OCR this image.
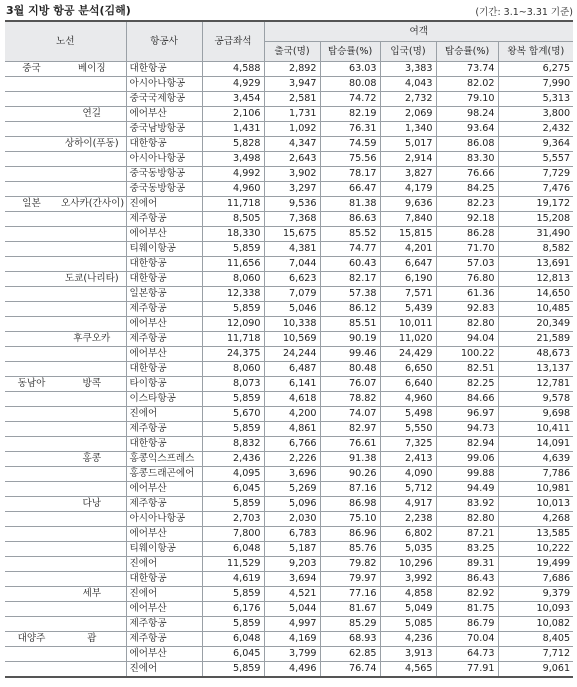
3월 지방 항공 분석(김해)	(기간: 3.1~3.31 기준)
노선		항공사	공급좌석	여객				
				출국(명)	탑승률(%)	입국(명)	탑승률(%)	왕복 합계(명)
중국	베이징	대한항공	4,588	2,892	63.03	3,383	73.74	6,275
		아시아나항공	4,929	3,947	80.08	4,043	82.02	7,990
		중국국제항공	3,454	2,581	74.72	2,732	79.10	5,313
	연길	에어부산	2,106	1,731	82.19	2,069	98.24	3,800
		중국남방항공	1,431	1,092	76.31	1,340	93.64	2,432
	상하이(푸동)	대한항공	5,828	4,347	74.59	5,017	86.08	9,364
		아시아나항공	3,498	2,643	75.56	2,914	83.30	5,557
		중국동방항공	4,992	3,902	78.17	3,827	76.66	7,729
		중국동방항공	4,960	3,297	66.47	4,179	84.25	7,476
일본	오사카(간사이)	진에어	11,718	9,536	81.38	9,636	82.23	19,172
		제주항공	8,505	7,368	86.63	7,840	92.18	15,208
		에어부산	18,330	15,675	85.52	15,815	86.28	31,490
		티웨이항공	5,859	4,381	74.77	4,201	71.70	8,582
		대한항공	11,656	7,044	60.43	6,647	57.03	13,691
	도쿄(나리타)	대한항공	8,060	6,623	82.17	6,190	76.80	12,813
		일본항공	12,338	7,079	57.38	7,571	61.36	14,650
		제주항공	5,859	5,046	86.12	5,439	92.83	10,485
		에어부산	12,090	10,338	85.51	10,011	82.80	20,349
	후쿠오카	제주항공	11,718	10,569	90.19	11,020	94.04	21,589
		에어부산	24,375	24,244	99.46	24,429	100.22	48,673
		대한항공	8,060	6,487	80.48	6,650	82.51	13,137
동남아	방콕	타이항공	8,073	6,141	76.07	6,640	82.25	12,781
		이스타항공	5,859	4,618	78.82	4,960	84.66	9,578
		진에어	5,670	4,200	74.07	5,498	96.97	9,698
		제주항공	5,859	4,861	82.97	5,550	94.73	10,411
		대한항공	8,832	6,766	76.61	7,325	82.94	14,091
	홍콩	홍콩익스프레스	2,436	2,226	91.38	2,413	99.06	4,639
		홍콩드래곤에어	4,095	3,696	90.26	4,090	99.88	7,786
		에어부산	6,045	5,269	87.16	5,712	94.49	10,981
	다낭	제주항공	5,859	5,096	86.98	4,917	83.92	10,013
		아시아나항공	2,703	2,030	75.10	2,238	82.80	4,268
		에어부산	7,800	6,783	86.96	6,802	87.21	13,585
		티웨이항공	6,048	5,187	85.76	5,035	83.25	10,222
		진에어	11,529	9,203	79.82	10,296	89.31	19,499
		대한항공	4,619	3,694	79.97	3,992	86.43	7,686
	세부	진에어	5,859	4,521	77.16	4,858	82.92	9,379
		에어부산	6,176	5,044	81.67	5,049	81.75	10,093
		제주항공	5,859	4,997	85.29	5,085	86.79	10,082
대양주	괌	제주항공	6,048	4,169	68.93	4,236	70.04	8,405
		에어부산	6,045	3,799	62.85	3,913	64.73	7,712
		진에어	5,859	4,496	76.74	4,565	77.91	9,061
